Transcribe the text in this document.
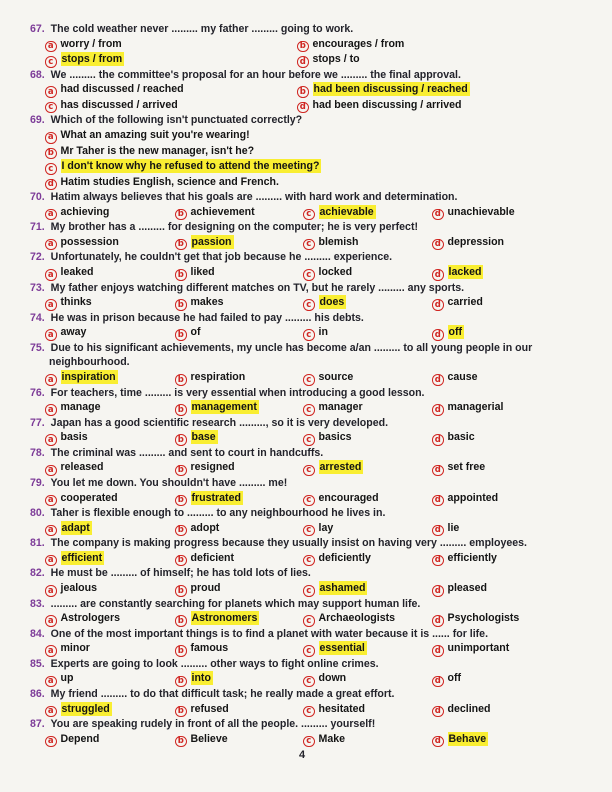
67. The cold weather never ......... my father ......... going to work.
a worry / from	b encourages / from
c stops / from	d stops / to
68. We ......... the committee's proposal for an hour before we ......... the final approval.
a had discussed / reached	b had been discussing / reached
c has discussed / arrived	d had been discussing / arrived
69. Which of the following isn't punctuated correctly?
a What an amazing suit you're wearing!
b Mr Taher is the new manager, isn't he?
c I don't know why he refused to attend the meeting?
d Hatim studies English, science and French.
70. Hatim always believes that his goals are ......... with hard work and determination.
a achieving	b achievement	c achievable	d unachievable
71. My brother has a ......... for designing on the computer; he is very perfect!
a possession	b passion	c blemish	d depression
72. Unfortunately, he couldn't get that job because he ......... experience.
a leaked	b liked	c locked	d lacked
73. My father enjoys watching different matches on TV, but he rarely ......... any sports.
a thinks	b makes	c does	d carried
74. He was in prison because he had failed to pay ......... his debts.
a away	b of	c in	d off
75. Due to his significant achievements, my uncle has become a/an ......... to all young people in our neighbourhood.
a inspiration	b respiration	c source	d cause
76. For teachers, time ......... is very essential when introducing a good lesson.
a manage	b management	c manager	d managerial
77. Japan has a good scientific research ........., so it is very developed.
a basis	b base	c basics	d basic
78. The criminal was ......... and sent to court in handcuffs.
a released	b resigned	c arrested	d set free
79. You let me down. You shouldn't have ......... me!
a cooperated	b frustrated	c encouraged	d appointed
80. Taher is flexible enough to ......... to any neighbourhood he lives in.
a adapt	b adopt	c lay	d lie
81. The company is making progress because they usually insist on having very ......... employees.
a efficient	b deficient	c deficiently	d efficiently
82. He must be ......... of himself; he has told lots of lies.
a jealous	b proud	c ashamed	d pleased
83. ......... are constantly searching for planets which may support human life.
a Astrologers	b Astronomers	c Archaeologists	d Psychologists
84. One of the most important things is to find a planet with water because it is ...... for life.
a minor	b famous	c essential	d unimportant
85. Experts are going to look ......... other ways to fight online crimes.
a up	b into	c down	d off
86. My friend ......... to do that difficult task; he really made a great effort.
a struggled	b refused	c hesitated	d declined
87. You are speaking rudely in front of all the people. ......... yourself!
a Depend	b Believe	c Make	d Behave
4
